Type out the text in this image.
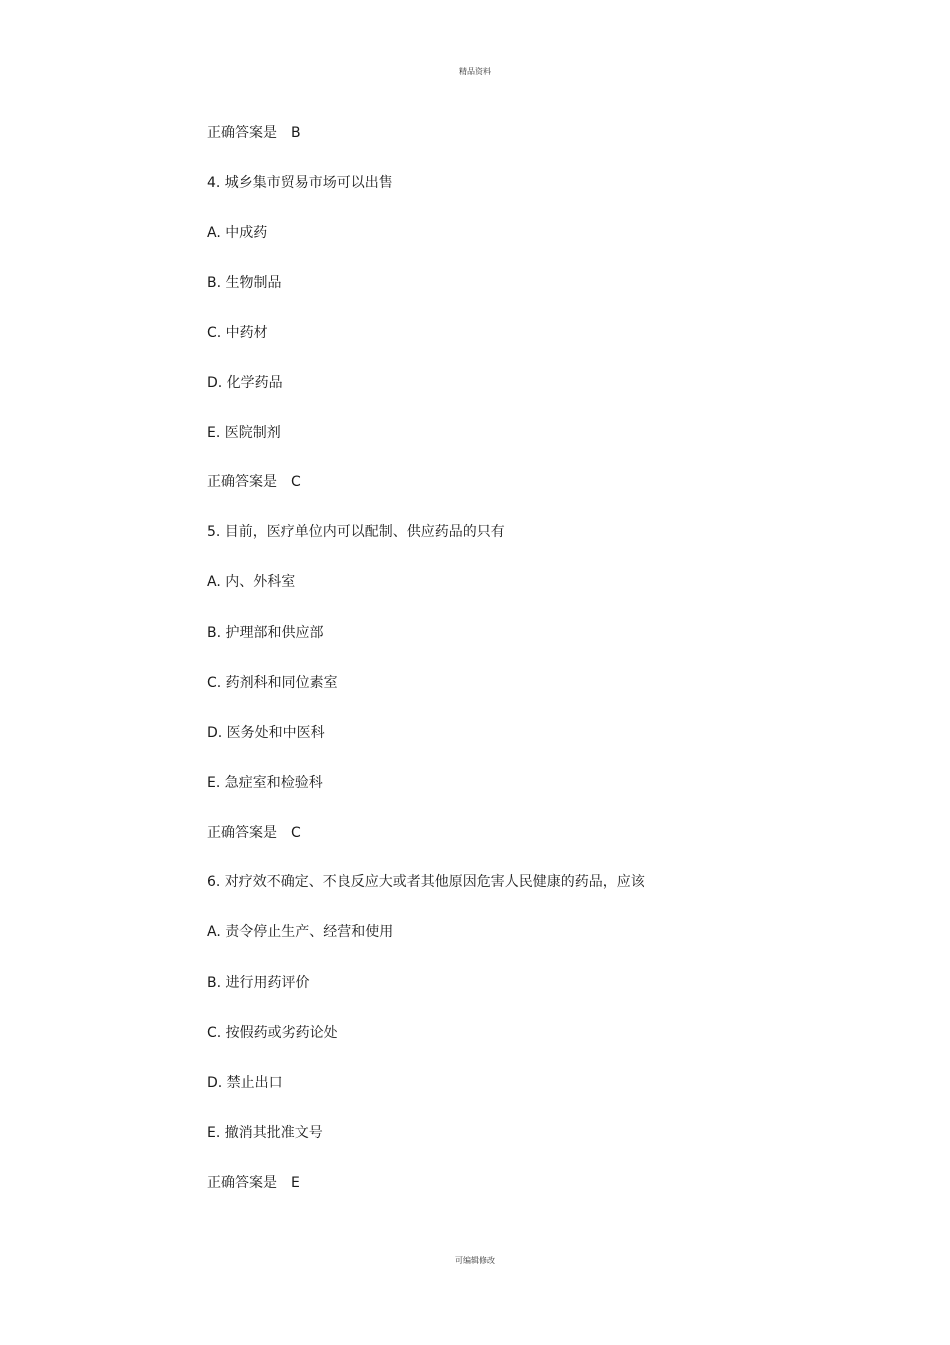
精品资料
正确答案是 B
4. 城乡集市贸易市场可以出售
A. 中成药
B. 生物制品
C. 中药材
D. 化学药品
E. 医院制剂
正确答案是 C
5. 目前，医疗单位内可以配制、供应药品的只有
A. 内、外科室
B. 护理部和供应部
C. 药剂科和同位素室
D. 医务处和中医科
E. 急症室和检验科
正确答案是 C
6. 对疗效不确定、不良反应大或者其他原因危害人民健康的药品，应该
A. 责令停止生产、经营和使用
B. 进行用药评价
C. 按假药或劣药论处
D. 禁止出口
E. 撤消其批准文号
正确答案是 E
可编辑修改
